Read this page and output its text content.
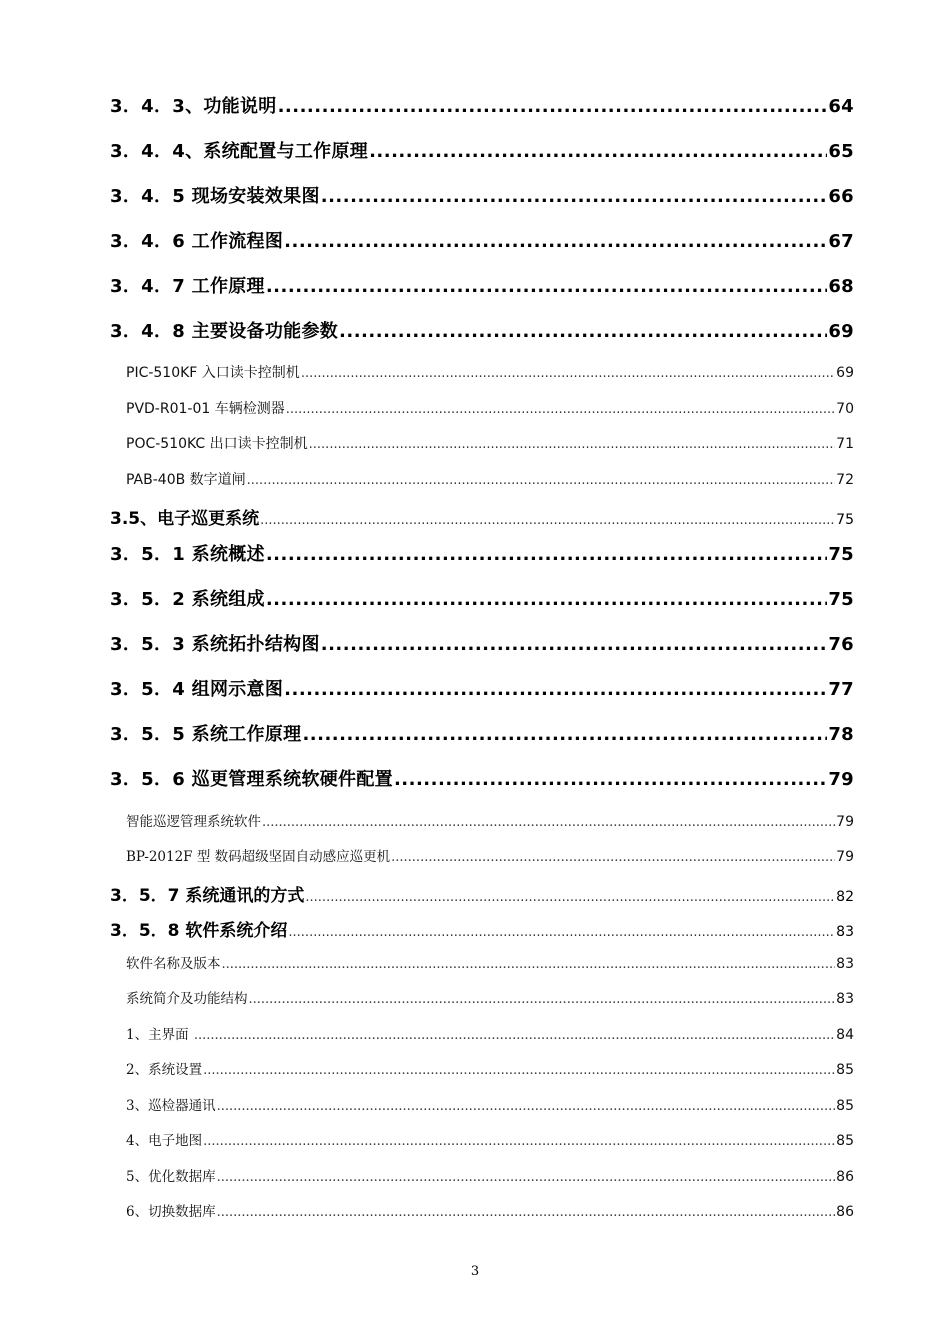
3．4．3、功能说明 .....	64
3．4．4、系统配置与工作原理 .....	65
3．4．5 现场安装效果图 .....	66
3．4．6 工作流程图 .....	67
3．4．7 工作原理 .....	68
3．4．8 主要设备功能参数 .....	69
PIC-510KF 入口读卡控制机 .....	69
PVD-R01-01 车辆检测器 .....	70
POC-510KC 出口读卡控制机 .....	71
PAB-40B 数字道闸 .....	72
3.5、电子巡更系统 .....	75
3．5．1 系统概述 .....	75
3．5．2 系统组成 .....	75
3．5．3 系统拓扑结构图 .....	76
3．5．4 组网示意图 .....	77
3．5．5 系统工作原理 .....	78
3．5．6 巡更管理系统软硬件配置 .....	79
智能巡逻管理系统软件 .....	79
BP-2012F 型 数码超级坚固自动感应巡更机 .....	79
3．5．7 系统通讯的方式 .....	82
3．5．8 软件系统介绍 .....	83
软件名称及版本 .....	83
系统简介及功能结构 .....	83
1、主界面 .....	84
2、系统设置 .....	85
3、巡检器通讯 .....	85
4、电子地图 .....	85
5、优化数据库 .....	86
6、切换数据库 .....	86
3
